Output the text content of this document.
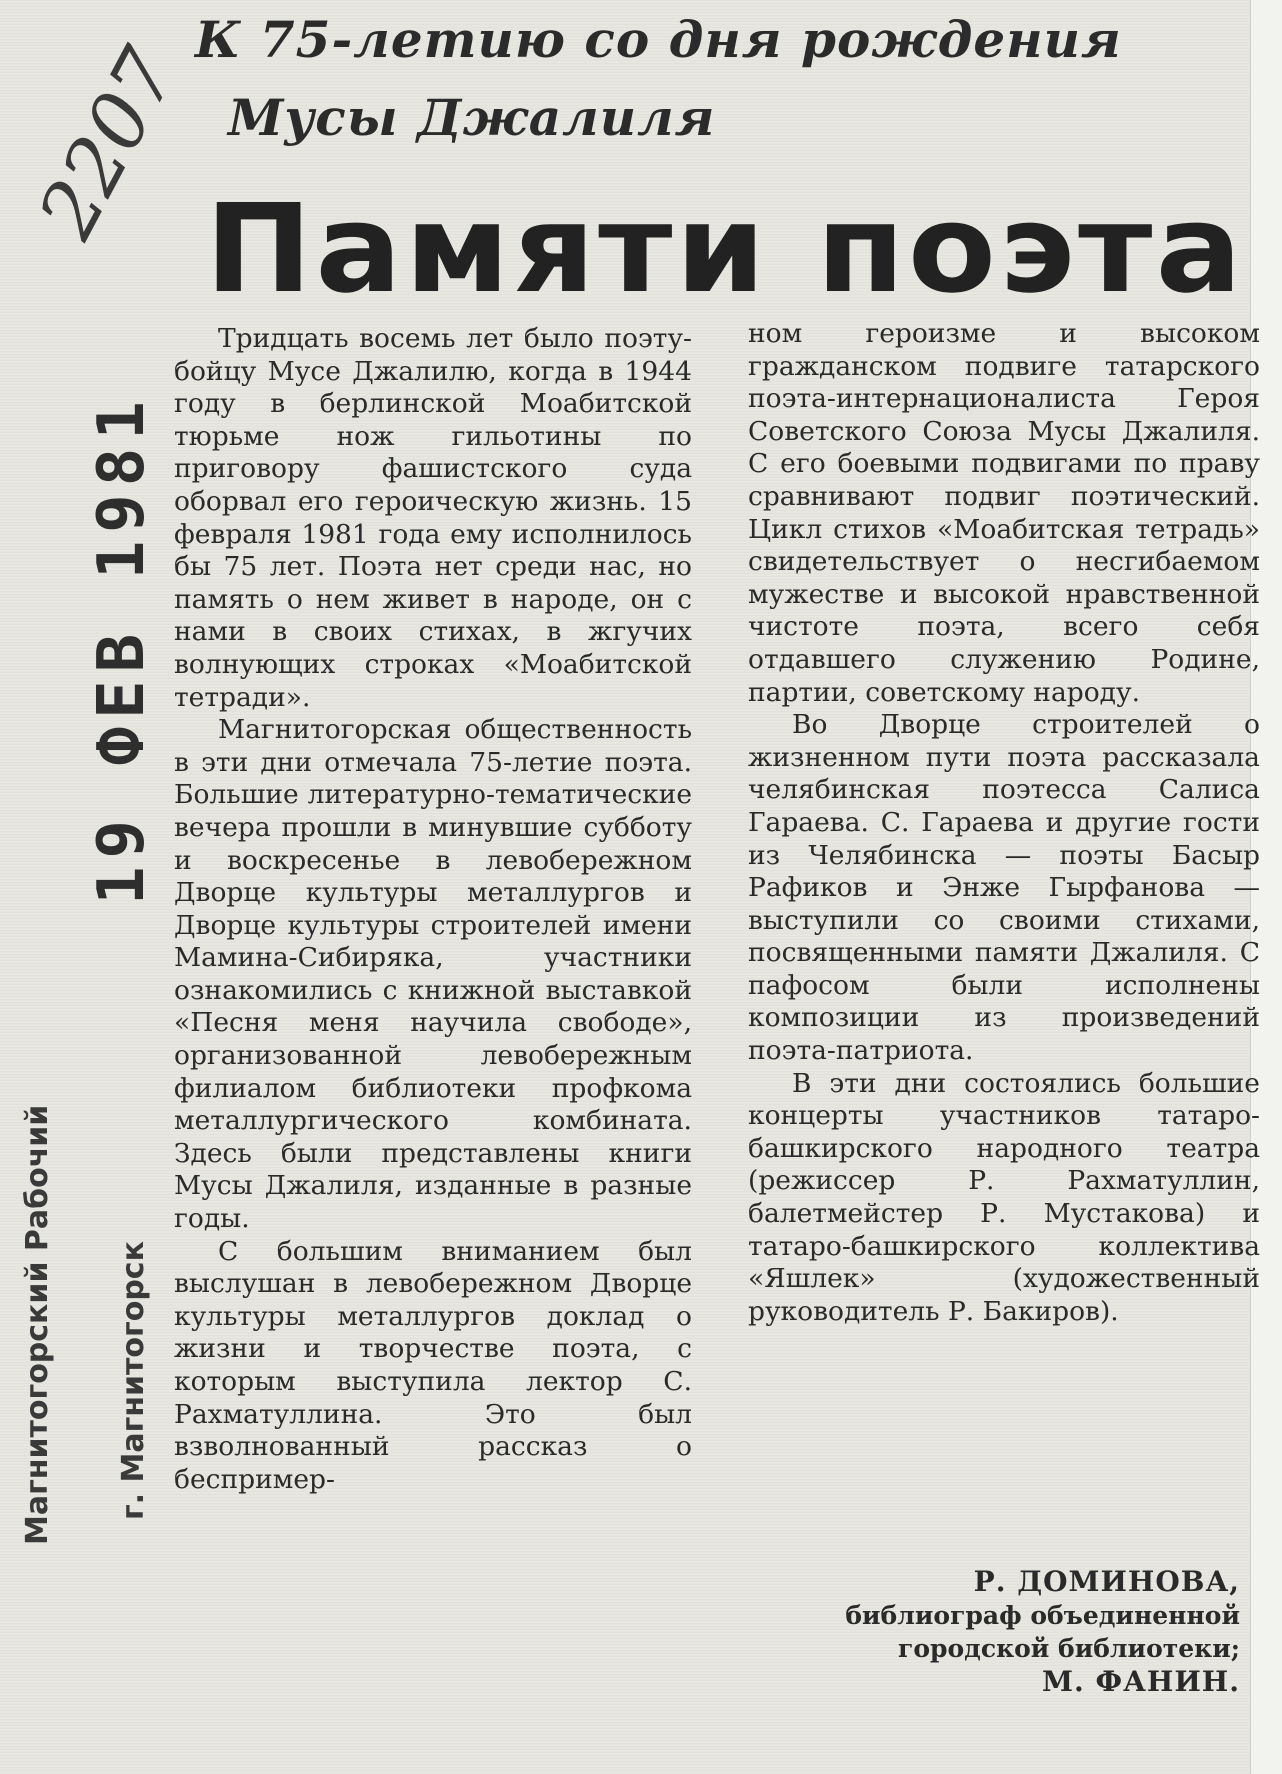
К 75-летию со дня рождения
Мусы Джалиля
2207 Памяти поэта
19 ФЕВ 1981
Магнитогорский Рабочий г. Магнитогорск

Тридцать восемь лет было поэту-бойцу Мусе Джалилю, когда в 1944 году в берлинской Моабитской тюрьме нож гильотины по приговору фашистского суда оборвал его героическую жизнь. 15 февраля 1981 года ему исполнилось бы 75 лет. Поэта нет среди нас, но память о нем живет в народе, он с нами в своих стихах, в жгучих волнующих строках «Моабитской тетради».

Магнитогорская общественность в эти дни отмечала 75-летие поэта. Большие литературно-тематические вечера прошли в минувшие субботу и воскресенье в левобережном Дворце культуры металлургов и Дворце культуры строителей имени Мамина-Сибиряка, участники ознакомились с книжной выставкой «Песня меня научила свободе», организованной левобережным филиалом библиотеки профкома металлургического комбината. Здесь были представлены книги Мусы Джалиля, изданные в разные годы.

С большим вниманием был выслушан в левобережном Дворце культуры металлургов доклад о жизни и творчестве поэта, с которым выступила лектор С. Рахматуллина. Это был взволнованный рассказ о беспример-

ном героизме и высоком гражданском подвиге татарского поэта-интернационалиста Героя Советского Союза Мусы Джалиля. С его боевыми подвигами по праву сравнивают подвиг поэтический. Цикл стихов «Моабитская тетрадь» свидетельствует о несгибаемом мужестве и высокой нравственной чистоте поэта, всего себя отдавшего служению Родине, партии, советскому народу.

Во Дворце строителей о жизненном пути поэта рассказала челябинская поэтесса Салиса Гараева. С. Гараева и другие гости из Челябинска — поэты Басыр Рафиков и Энже Гырфанова — выступили со своими стихами, посвященными памяти Джалиля. С пафосом были исполнены композиции из произведений поэта-патриота.

В эти дни состоялись большие концерты участников татаро-башкирского народного театра (режиссер Р. Рахматуллин, балетмейстер Р. Мустакова) и татаро-башкирского коллектива «Яшлек» (художественный руководитель Р. Бакиров).

Р. ДОМИНОВА,
библиограф объединенной городской библиотеки;
М. ФАНИН.
